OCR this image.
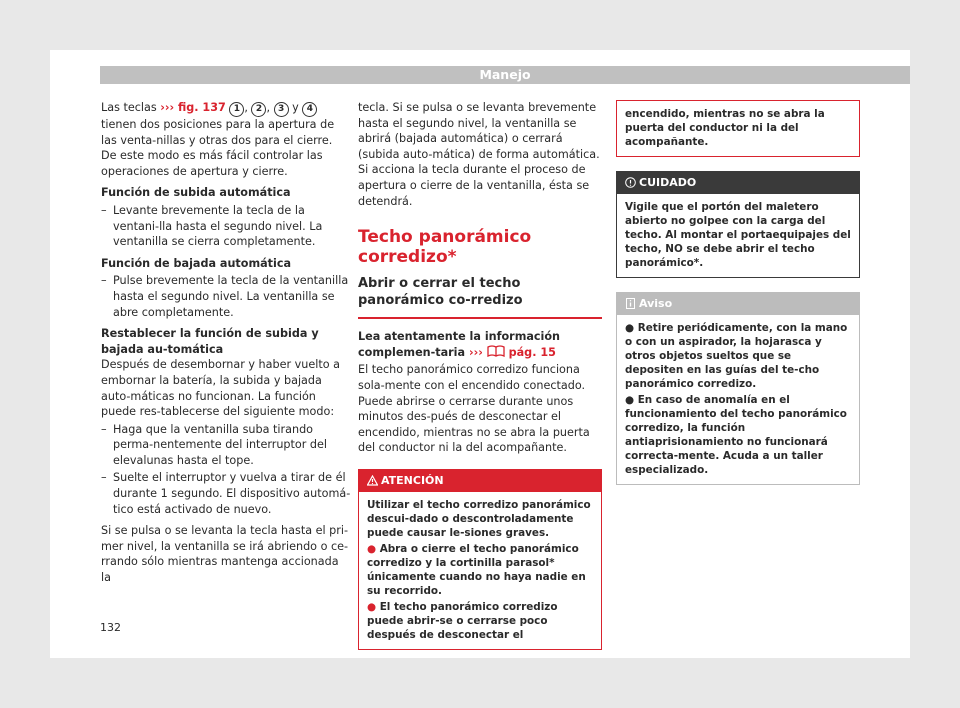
Manejo

Las teclas ››› fig. 137 1 , 2 , 3 y 4 tienen dos posiciones para la apertura de las venta-nillas y otras dos para el cierre. De este modo es más fácil controlar las operaciones de apertura y cierre.

Función de subida automática

– Levante brevemente la tecla de la ventani-lla hasta el segundo nivel. La ventanilla se cierra completamente.

Función de bajada automática

– Pulse brevemente la tecla de la ventanilla hasta el segundo nivel. La ventanilla se abre completamente.

Restablecer la función de subida y bajada au-tomática

Después de desembornar y haber vuelto a embornar la batería, la subida y bajada auto-máticas no funcionan. La función puede res-tablecerse del siguiente modo:

– Haga que la ventanilla suba tirando perma-nentemente del interruptor del elevalunas hasta el tope.
– Suelte el interruptor y vuelva a tirar de él durante 1 segundo. El dispositivo automá-tico está activado de nuevo.

Si se pulsa o se levanta la tecla hasta el pri-mer nivel, la ventanilla se irá abriendo o ce-rrando sólo mientras mantenga accionada la

tecla. Si se pulsa o se levanta brevemente hasta el segundo nivel, la ventanilla se abrirá (bajada automática) o cerrará (subida auto-mática) de forma automática. Si acciona la tecla durante el proceso de apertura o cierre de la ventanilla, ésta se detendrá.

Techo panorámico corredizo*
Abrir o cerrar el techo panorámico co-rredizo

Lea atentamente la información complemen-taria ››› pág. 15

El techo panorámico corredizo funciona sola-mente con el encendido conectado. Puede abrirse o cerrarse durante unos minutos des-pués de desconectar el encendido, mientras no se abra la puerta del conductor ni la del acompañante.

ATENCIÓN
Utilizar el techo corredizo panorámico descui-dado o descontroladamente puede causar le-siones graves.
● Abra o cierre el techo panorámico corredizo y la cortinilla parasol* únicamente cuando no haya nadie en su recorrido.
● El techo panorámico corredizo puede abrir-se o cerrarse poco después de desconectar el
encendido, mientras no se abra la puerta del conductor ni la del acompañante.
CUIDADO
Vigile que el portón del maletero abierto no golpee con la carga del techo. Al montar el portaequipajes del techo, NO se debe abrir el techo panorámico*.
Aviso
● Retire periódicamente, con la mano o con un aspirador, la hojarasca y otros objetos sueltos que se depositen en las guías del te-cho panorámico corredizo.
● En caso de anomalía en el funcionamiento del techo panorámico corredizo, la función antiaprisionamiento no funcionará correcta-mente. Acuda a un taller especializado.
132
